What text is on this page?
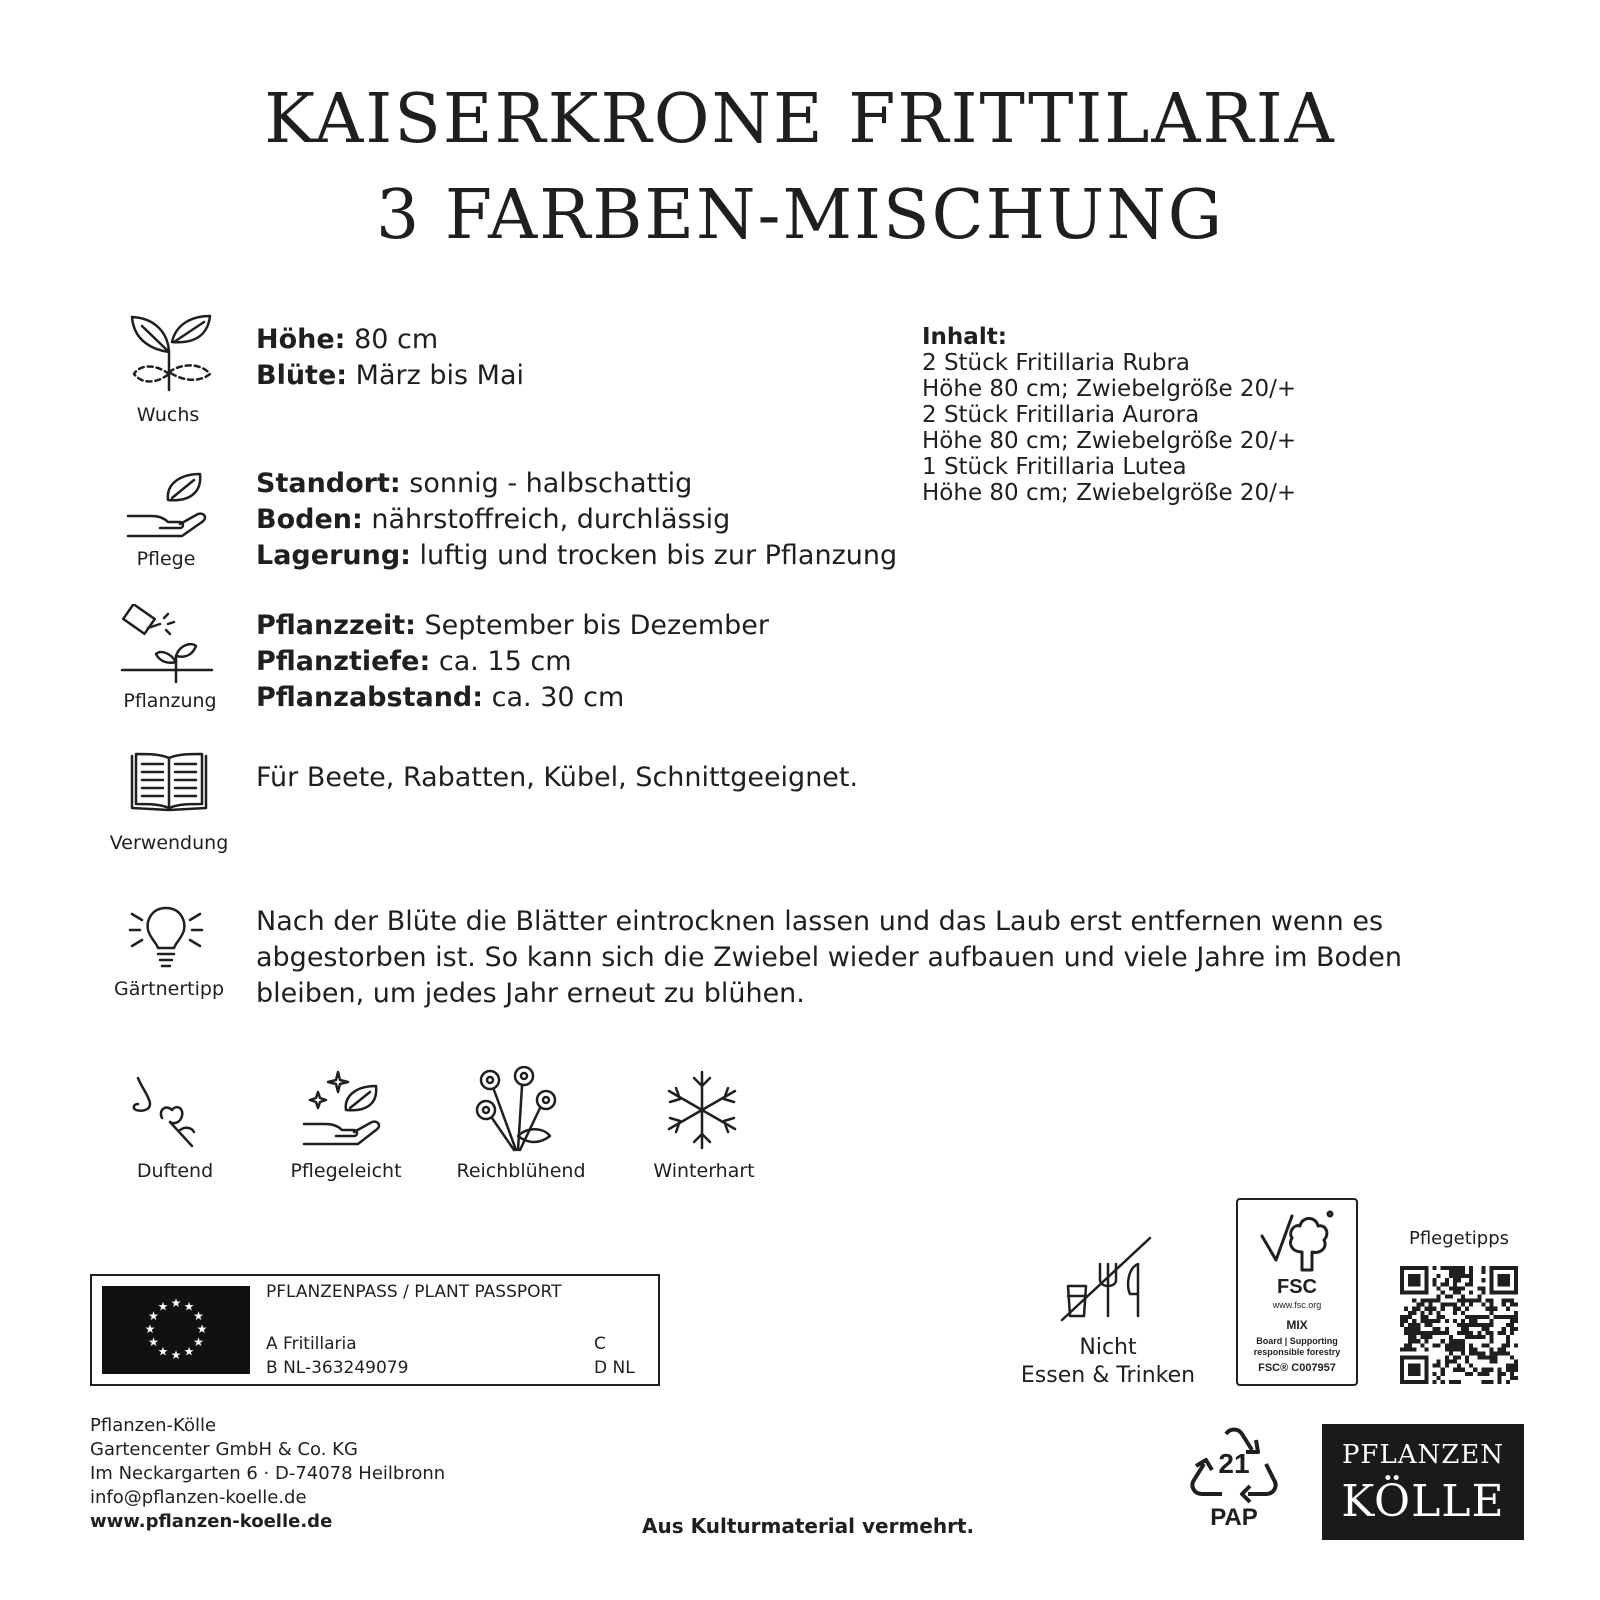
KAISERKRONE FRITTILARIA
3 FARBEN-MISCHUNG
Wuchs
Höhe: 80 cm
Blüte: März bis Mai
Inhalt:
2 Stück Fritillaria Rubra
Höhe 80 cm; Zwiebelgröße 20/+
2 Stück Fritillaria Aurora
Höhe 80 cm; Zwiebelgröße 20/+
1 Stück Fritillaria Lutea
Höhe 80 cm; Zwiebelgröße 20/+
Pflege
Standort: sonnig - halbschattig
Boden: nährstoffreich, durchlässig
Lagerung: luftig und trocken bis zur Pflanzung
Pflanzung
Pflanzzeit: September bis Dezember
Pflanztiefe: ca. 15 cm
Pflanzabstand: ca. 30 cm
Verwendung
Für Beete, Rabatten, Kübel, Schnittgeeignet.
Gärtnertipp
Nach der Blüte die Blätter eintrocknen lassen und das Laub erst entfernen wenn es abgestorben ist. So kann sich die Zwiebel wieder aufbauen und viele Jahre im Boden bleiben, um jedes Jahr erneut zu blühen.
Duftend	Pflegeleicht	Reichblühend	Winterhart
★ ★
★
★
★
★
★
★
★
★
★
★
PFLANZENPASS / PLANT PASSPORT
A Fritillaria
B NL-363249079
C
D NL
Nicht
Essen & Trinken
FSC
www.fsc.org
MIX
Board | Supporting
responsible forestry
FSC® C007957
Pflegetipps
Pflanzen-Kölle
Gartencenter GmbH & Co. KG
Im Neckargarten 6 · D-74078 Heilbronn
info@pflanzen-koelle.de
www.pflanzen-koelle.de	Aus Kulturmaterial vermehrt.
21
PAP
PFLANZEN
KÖLLE
